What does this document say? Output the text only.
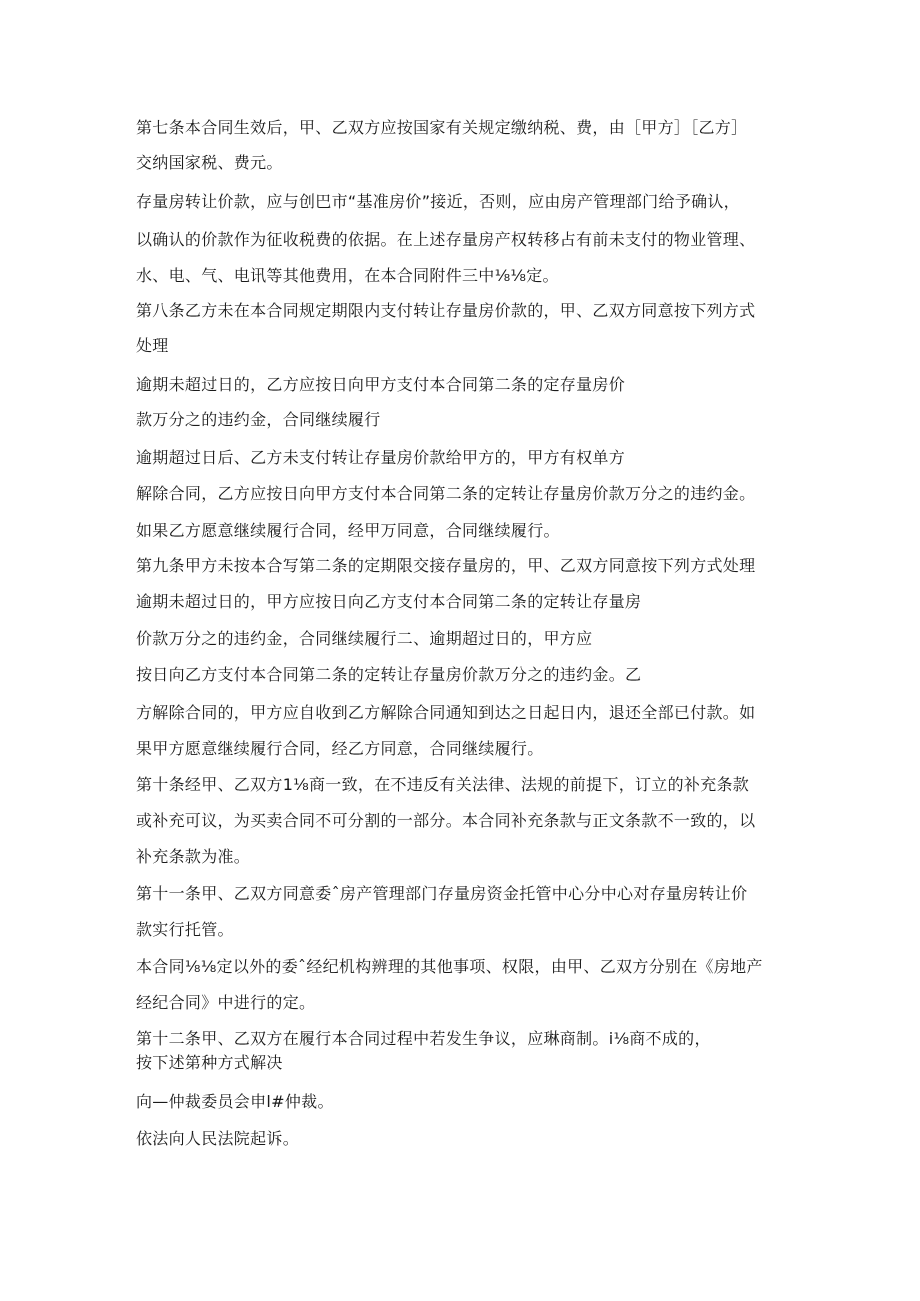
第七条本合同生效后，甲、乙双方应按国家有关规定缴纳税、费，由［甲方］［乙方］

交纳国家税、费元。

存量房转让价款，应与创巴市“基准房价”接近，否则，应由房产管理部门给予确认，

以确认的价款作为征收税费的依据。在上述存量房产权转移占有前未支付的物业管理、

水、电、气、电讯等其他费用，在本合同附件三中⅛⅛定。

第八条乙方未在本合同规定期限内支付转让存量房价款的，甲、乙双方同意按下列方式

处理

逾期未超过日的，乙方应按日向甲方支付本合同第二条的定存量房价

款万分之的违约金，合同继续履行

逾期超过日后、乙方未支付转让存量房价款给甲方的，甲方有权单方

解除合同，乙方应按日向甲方支付本合同第二条的定转让存量房价款万分之的违约金。

如果乙方愿意继续履行合同，经甲万同意，合同继续履行。

第九条甲方未按本合写第二条的定期限交接存量房的，甲、乙双方同意按下列方式处理

逾期未超过日的，甲方应按日向乙方支付本合同第二条的定转让存量房

价款万分之的违约金，合同继续履行二、逾期超过日的，甲方应

按日向乙方支付本合同第二条的定转让存量房价款万分之的违约金。乙

方解除合同的，甲方应自收到乙方解除合同通知到达之日起日内，退还全部已付款。如

果甲方愿意继续履行合同，经乙方同意，合同继续履行。

第十条经甲、乙双方1⅛商一致，在不违反有关法律、法规的前提下，订立的补充条款

或补充可议，为买卖合同不可分割的一部分。本合同补充条款与正文条款不一致的，以

补充条款为准。

第十一条甲、乙双方同意委ˆ房产管理部门存量房资金托管中心分中心对存量房转让价

款实行托管。

本合同⅛⅛定以外的委ˆ经纪机构辨理的其他事项、权限，由甲、乙双方分别在《房地产

经纪合同》中进行的定。

第十二条甲、乙双方在履行本合同过程中若发生争议，应琳商制。i⅛商不成的，

按下述第种方式解决

向—仲裁委员会申l#仲裁。

依法向人民法院起诉。
